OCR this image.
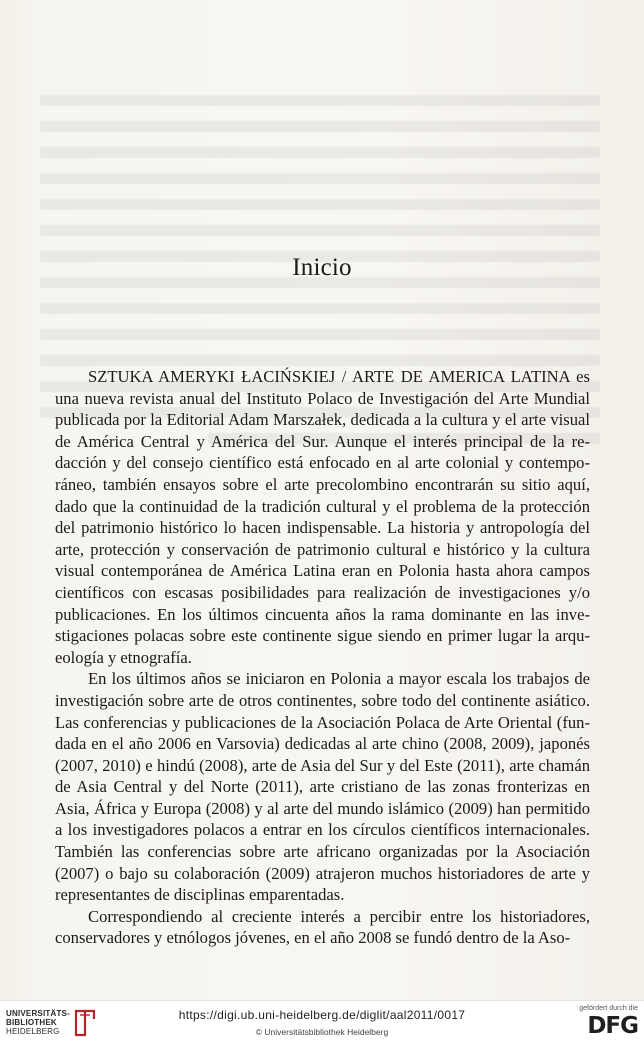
Inicio

SZTUKA AMERYKI ŁACIŃSKIEJ / ARTE DE AMERICA LATINA es una nueva revista anual del Instituto Polaco de Investigación del Arte Mundial publicada por la Editorial Adam Marszałek, dedicada a la cultura y el arte visual de América Central y América del Sur. Aunque el interés principal de la redacción y del consejo científico está enfocado en al arte colonial y contemporáneo, también ensayos sobre el arte precolombino encontrarán su sitio aquí, dado que la continuidad de la tradición cultural y el problema de la protección del patrimonio histórico lo hacen indispensable. La historia y antropología del arte, protección y conservación de patrimonio cultural e histórico y la cultura visual contemporánea de América Latina eran en Polonia hasta ahora campos científicos con escasas posibilidades para realización de investigaciones y/o publicaciones. En los últimos cincuenta años la rama dominante en las investigaciones polacas sobre este continente sigue siendo en primer lugar la arqueología y etnografía.

En los últimos años se iniciaron en Polonia a mayor escala los trabajos de investigación sobre arte de otros continentes, sobre todo del continente asiático. Las conferencias y publicaciones de la Asociación Polaca de Arte Oriental (fundada en el año 2006 en Varsovia) dedicadas al arte chino (2008, 2009), japonés (2007, 2010) e hindú (2008), arte de Asia del Sur y del Este (2011), arte chamán de Asia Central y del Norte (2011), arte cristiano de las zonas fronterizas en Asia, África y Europa (2008) y al arte del mundo islámico (2009) han permitido a los investigadores polacos a entrar en los círculos científicos internacionales. También las conferencias sobre arte africano organizadas por la Asociación (2007) o bajo su colaboración (2009) atrajeron muchos historiadores de arte y representantes de disciplinas emparentadas.

Correspondiendo al creciente interés a percibir entre los historiadores, conservadores y etnólogos jóvenes, en el año 2008 se fundó dentro de la Aso-

UNIVERSITÄTS-
BIBLIOTHEK
HEIDELBERG
https://digi.ub.uni-heidelberg.de/diglit/aal2011/0017
© Universitätsbibliothek Heidelberg
gefördert durch die
DFG
